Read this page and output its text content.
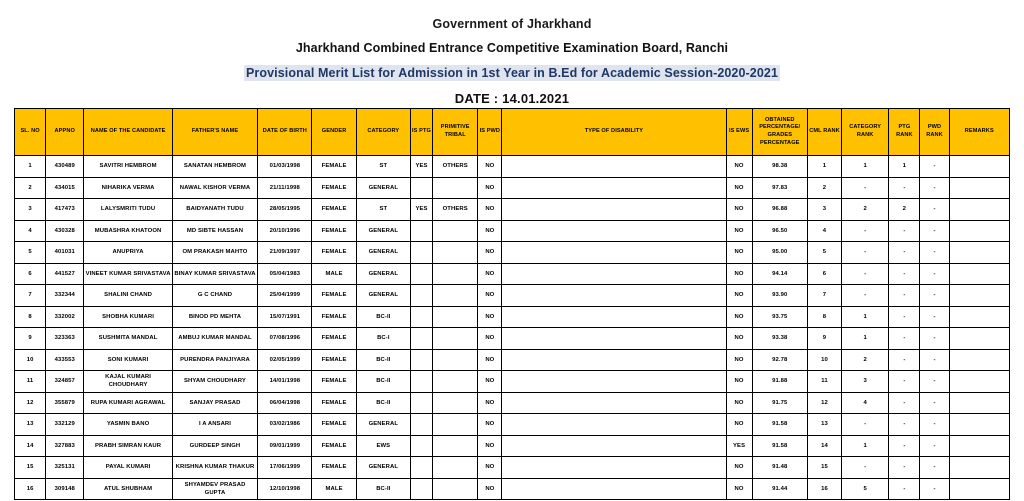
Government of Jharkhand
Jharkhand Combined Entrance Competitive Examination Board, Ranchi
Provisional Merit List for Admission in 1st Year in B.Ed for Academic Session-2020-2021
DATE : 14.01.2021
SL. NO	APPNO	NAME OF THE CANDIDATE	FATHER'S NAME	DATE OF BIRTH	GENDER	CATEGORY	IS PTG	PRIMITIVE TRIBAL	IS PWD	TYPE OF DISABILITY	IS EWS	OBTAINED PERCENTAGE/ GRADES PERCENTAGE	CML RANK	CATEGORY RANK	PTG RANK	PWD RANK	REMARKS
1	430489	SAVITRI HEMBROM	SANATAN HEMBROM	01/03/1998	FEMALE	ST	YES	OTHERS	NO		NO	98.38	1	1	1	-	
2	434015	NIHARIKA VERMA	NAWAL KISHOR VERMA	21/11/1998	FEMALE	GENERAL			NO		NO	97.83	2	-	-	-	
3	417473	LALYSMRITI TUDU	BAIDYANATH TUDU	28/05/1995	FEMALE	ST	YES	OTHERS	NO		NO	96.88	3	2	2	-	
4	430328	MUBASHRA KHATOON	MD SIBTE HASSAN	20/10/1996	FEMALE	GENERAL			NO		NO	96.50	4	-	-	-	
5	401031	ANUPRIYA	OM PRAKASH MAHTO	21/09/1997	FEMALE	GENERAL			NO		NO	95.00	5	-	-	-	
6	441527	VINEET KUMAR SRIVASTAVA	BINAY KUMAR SRIVASTAVA	05/04/1983	MALE	GENERAL			NO		NO	94.14	6	-	-	-	
7	332344	SHALINI CHAND	G C CHAND	25/04/1999	FEMALE	GENERAL			NO		NO	93.90	7	-	-	-	
8	332002	SHOBHA KUMARI	BINOD PD MEHTA	15/07/1991	FEMALE	BC-II			NO		NO	93.75	8	1	-	-	
9	323363	SUSHMITA MANDAL	AMBUJ KUMAR MANDAL	07/08/1996	FEMALE	BC-I			NO		NO	93.38	9	1	-	-	
10	433553	SONI KUMARI	PURENDRA PANJIYARA	02/05/1999	FEMALE	BC-II			NO		NO	92.78	10	2	-	-	
11	324857	KAJAL KUMARI CHOUDHARY	SHYAM CHOUDHARY	14/01/1998	FEMALE	BC-II			NO		NO	91.88	11	3	-	-	
12	355879	RUPA KUMARI AGRAWAL	SANJAY PRASAD	06/04/1998	FEMALE	BC-II			NO		NO	91.75	12	4	-	-	
13	332129	YASMIN BANO	I A ANSARI	03/02/1986	FEMALE	GENERAL			NO		NO	91.58	13	-	-	-	
14	327883	PRABH SIMRAN KAUR	GURDEEP SINGH	09/01/1999	FEMALE	EWS			NO		YES	91.58	14	1	-	-	
15	325131	PAYAL KUMARI	KRISHNA KUMAR THAKUR	17/06/1999	FEMALE	GENERAL			NO		NO	91.48	15	-	-	-	
16	309148	ATUL SHUBHAM	SHYAMDEV PRASAD GUPTA	12/10/1998	MALE	BC-II			NO		NO	91.44	16	5	-	-	
